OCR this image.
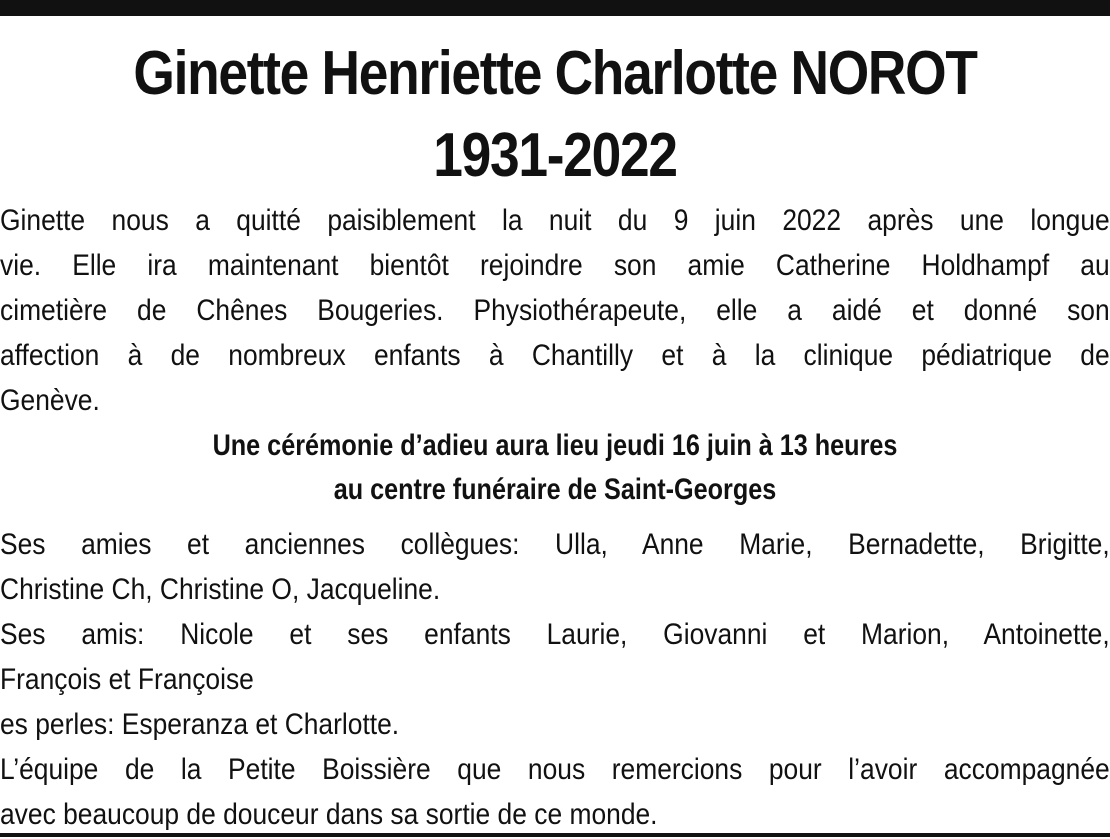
Ginette Henriette Charlotte NOROT
1931-2022
Ginette nous a quitté paisiblement la nuit du 9 juin 2022 après une longue
vie. Elle ira maintenant bientôt rejoindre son amie Catherine Holdhampf au
cimetière de Chênes Bougeries. Physiothérapeute, elle a aidé et donné son
affection à de nombreux enfants à Chantilly et à la clinique pédiatrique de
Genève.
Une cérémonie d’adieu aura lieu jeudi 16 juin à 13 heures
au centre funéraire de Saint-Georges
Ses amies et anciennes collègues: Ulla, Anne Marie, Bernadette, Brigitte,
Christine Ch, Christine O, Jacqueline.
Ses amis: Nicole et ses enfants Laurie, Giovanni et Marion, Antoinette,
François et Françoise
es perles: Esperanza et Charlotte.
L’équipe de la Petite Boissière que nous remercions pour l’avoir accompagnée
avec beaucoup de douceur dans sa sortie de ce monde.
